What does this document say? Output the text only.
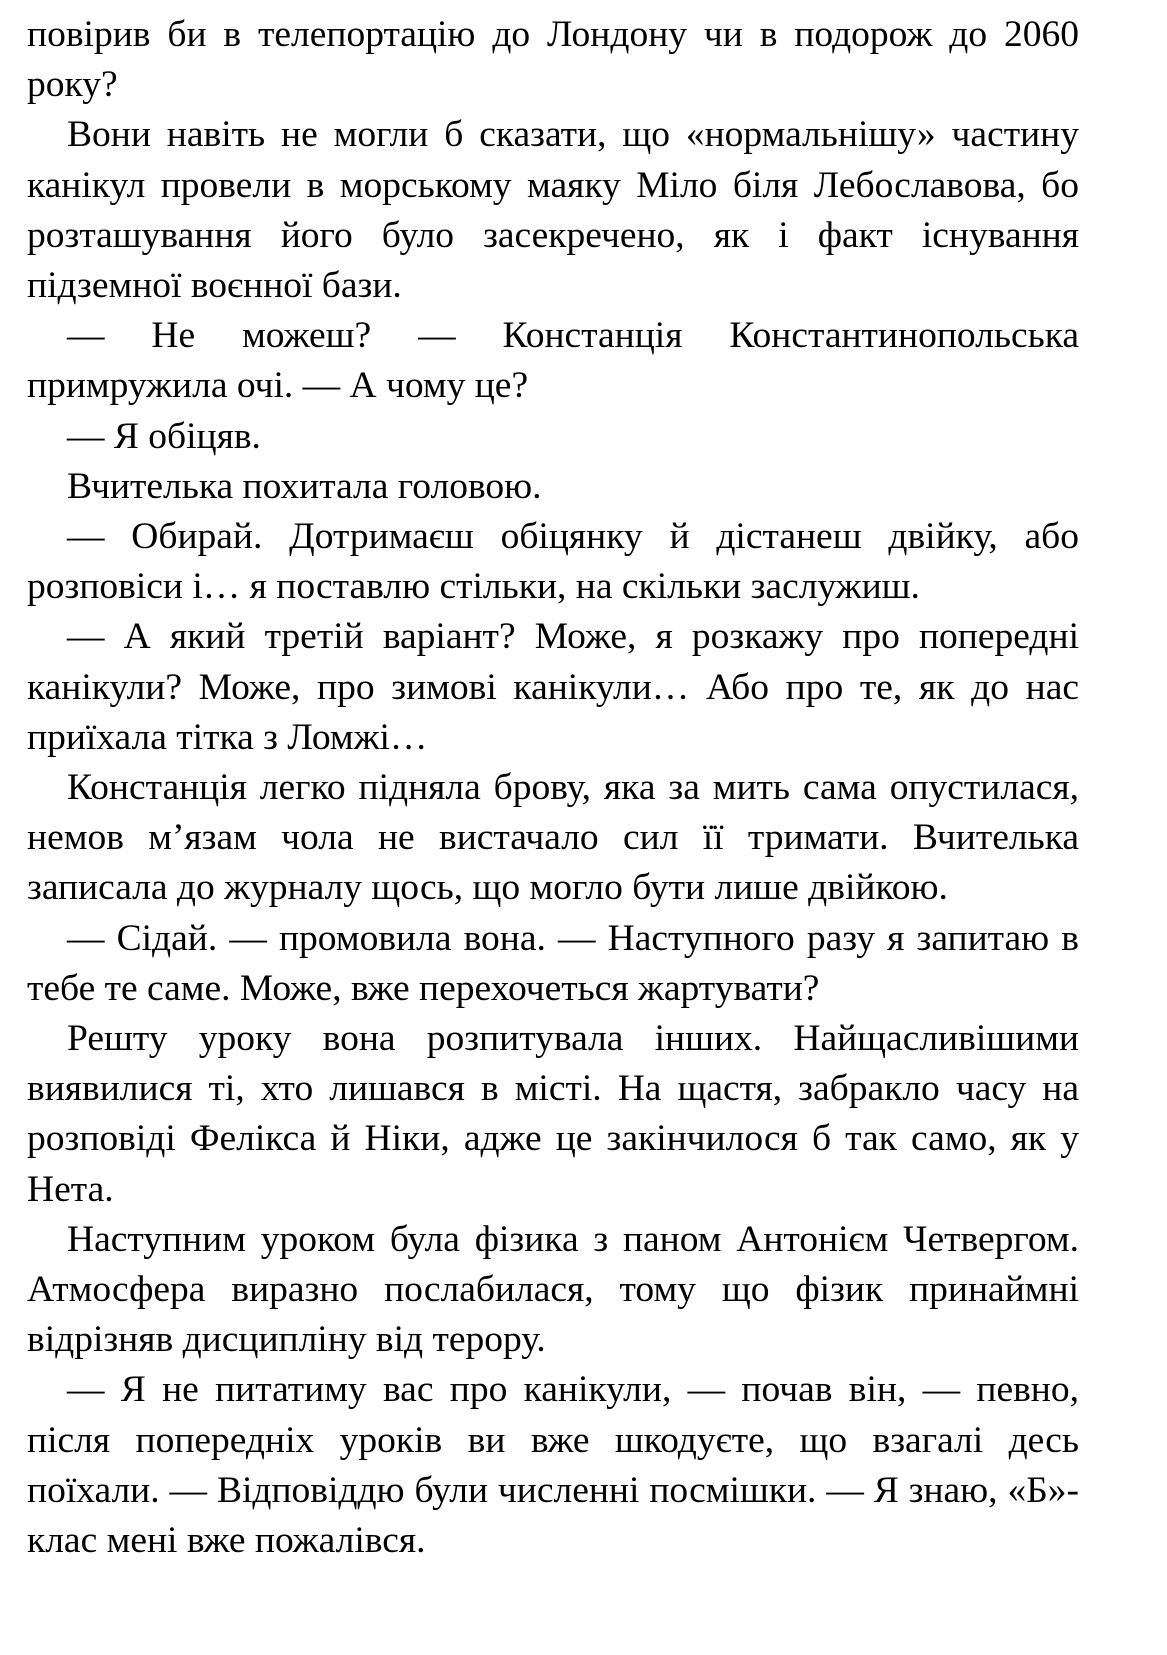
повірив би в телепортацію до Лондону чи в подорож до 2060 року?

Вони навіть не могли б сказати, що «нормальнішу» частину канікул провели в морському маяку Міло біля Лебославова, бо розташування його було засекречено, як і факт існування підземної воєнної бази.

— Не можеш? — Констанція Константинопольська примружила очі. — А чому це?

— Я обіцяв.

Вчителька похитала головою.

— Обирай. Дотримаєш обіцянку й дістанеш двійку, або розповіси і… я поставлю стільки, на скільки заслужиш.

— А який третій варіант? Може, я розкажу про попередні канікули? Може, про зимові канікули… Або про те, як до нас приїхала тітка з Ломжі…

Констанція легко підняла брову, яка за мить сама опустилася, немов м’язам чола не вистачало сил її тримати. Вчителька записала до журналу щось, що могло бути лише двійкою.

— Сідай. — промовила вона. — Наступного разу я запитаю в тебе те саме. Може, вже перехочеться жартувати?

Решту уроку вона розпитувала інших. Найщасливішими виявилися ті, хто лишався в місті. На щастя, забракло часу на розповіді Фелікса й Ніки, адже це закінчилося б так само, як у Нета.

Наступним уроком була фізика з паном Антонієм Четвергом. Атмосфера виразно послабилася, тому що фізик принаймні відрізняв дисципліну від терору.

— Я не питатиму вас про канікули, — почав він, — певно, після попередніх уроків ви вже шкодуєте, що взагалі десь поїхали. — Відповіддю були численні посмішки. — Я знаю, «Б»-клас мені вже пожалівся.
